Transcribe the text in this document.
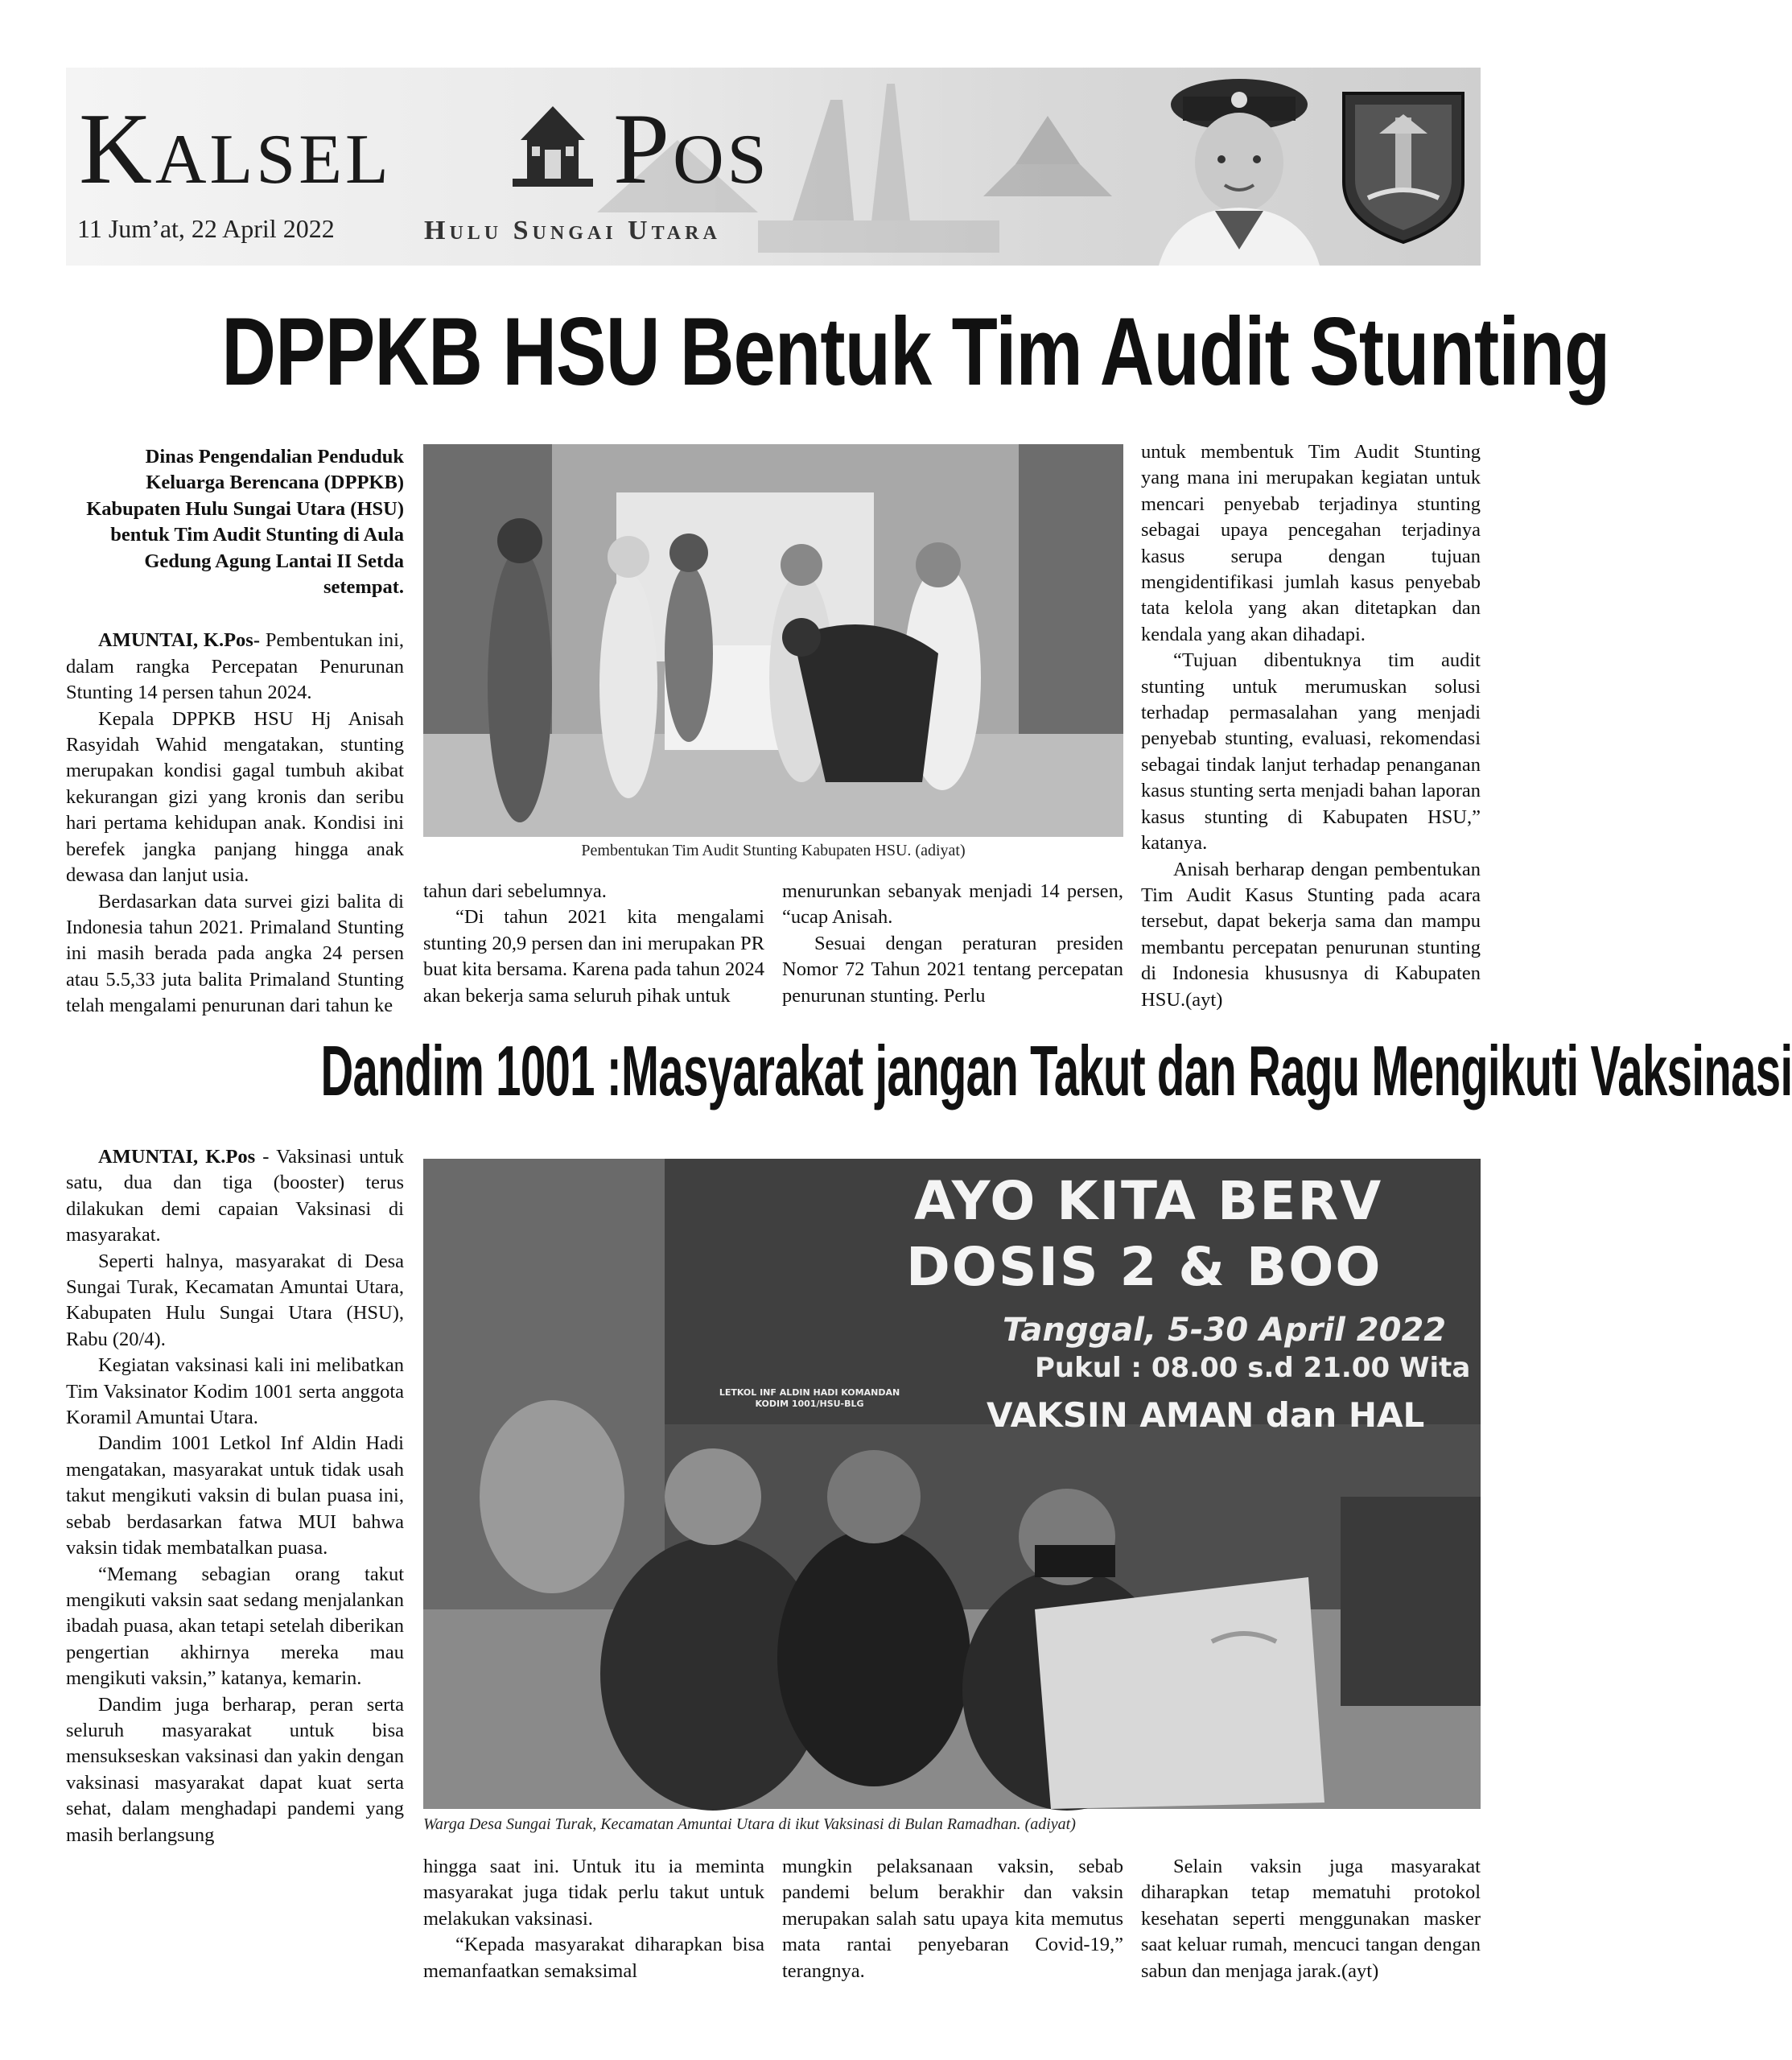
Kalsel Pos
11 Jum’at, 22 April 2022	Hulu Sungai Utara
DPPKB HSU Bentuk Tim Audit Stunting
Dinas Pengendalian Penduduk Keluarga Berencana (DPPKB) Kabupaten Hulu Sungai Utara (HSU) bentuk Tim Audit Stunting di Aula Gedung Agung Lantai II Setda setempat.

AMUNTAI, K.Pos- Pembentukan ini, dalam rangka Percepatan Penurunan Stunting 14 persen tahun 2024.

Kepala DPPKB HSU Hj Anisah Rasyidah Wahid mengatakan, stunting merupakan kondisi gagal tumbuh akibat kekurangan gizi yang kronis dan seribu hari pertama kehidupan anak. Kondisi ini berefek jangka panjang hingga anak dewasa dan lanjut usia.

Berdasarkan data survei gizi balita di Indonesia tahun 2021. Primaland Stunting ini masih berada pada angka 24 persen atau 5.5,33 juta balita Primaland Stunting telah mengalami penurunan dari tahun ke

Pembentukan Tim Audit Stunting Kabupaten HSU. (adiyat)

tahun dari sebelumnya.

“Di tahun 2021 kita mengalami stunting 20,9 persen dan ini merupakan PR buat kita bersama. Karena pada tahun 2024 akan bekerja sama seluruh pihak untuk

menurunkan sebanyak menjadi 14 persen, “ucap Anisah.

Sesuai dengan peraturan presiden Nomor 72 Tahun 2021 tentang percepatan penurunan stunting. Perlu

untuk membentuk Tim Audit Stunting yang mana ini merupakan kegiatan untuk mencari penyebab terjadinya stunting sebagai upaya pencegahan terjadinya kasus serupa dengan tujuan mengidentifikasi jumlah kasus penyebab tata kelola yang akan ditetapkan dan kendala yang akan dihadapi.

“Tujuan dibentuknya tim audit stunting untuk merumuskan solusi terhadap permasalahan yang menjadi penyebab stunting, evaluasi, rekomendasi sebagai tindak lanjut terhadap penanganan kasus stunting serta menjadi bahan laporan kasus stunting di Kabupaten HSU,” katanya.

Anisah berharap dengan pembentukan Tim Audit Kasus Stunting pada acara tersebut, dapat bekerja sama dan mampu membantu percepatan penurunan stunting di Indonesia khususnya di Kabupaten HSU.(ayt)

Dandim 1001 :Masyarakat jangan Takut dan Ragu Mengikuti Vaksinasi

AMUNTAI, K.Pos - Vaksinasi untuk satu, dua dan tiga (booster) terus dilakukan demi capaian Vaksinasi di masyarakat.

Seperti halnya, masyarakat di Desa Sungai Turak, Kecamatan Amuntai Utara, Kabupaten Hulu Sungai Utara (HSU), Rabu (20/4).

Kegiatan vaksinasi kali ini melibatkan Tim Vaksinator Kodim 1001 serta anggota Koramil Amuntai Utara.

Dandim 1001 Letkol Inf Aldin Hadi mengatakan, masyarakat untuk tidak usah takut mengikuti vaksin di bulan puasa ini, sebab berdasarkan fatwa MUI bahwa vaksin tidak membatalkan puasa.

“Memang sebagian orang takut mengikuti vaksin saat sedang menjalankan ibadah puasa, akan tetapi setelah diberikan pengertian akhirnya mereka mau mengikuti vaksin,” katanya, kemarin.

Dandim juga berharap, peran serta seluruh masyarakat untuk bisa mensukseskan vaksinasi dan yakin dengan vaksinasi masyarakat dapat kuat serta sehat, dalam menghadapi pandemi yang masih berlangsung

AYO KITA BERV
DOSIS 2 & BOO
Tanggal, 5-30 April 2022
Pukul : 08.00 s.d 21.00 Wita
VAKSIN AMAN dan HAL
LETKOL INF ALDIN HADI KOMANDAN KODIM 1001/HSU-BLG
Warga Desa Sungai Turak, Kecamatan Amuntai Utara di ikut Vaksinasi di Bulan Ramadhan. (adiyat)

hingga saat ini. Untuk itu ia meminta masyarakat juga tidak perlu takut untuk melakukan vaksinasi.

“Kepada masyarakat diharapkan bisa memanfaatkan semaksimal

mungkin pelaksanaan vaksin, sebab pandemi belum berakhir dan vaksin merupakan salah satu upaya kita memutus mata rantai penyebaran Covid-19,” terangnya.

Selain vaksin juga masyarakat diharapkan tetap mematuhi protokol kesehatan seperti menggunakan masker saat keluar rumah, mencuci tangan dengan sabun dan menjaga jarak.(ayt)
